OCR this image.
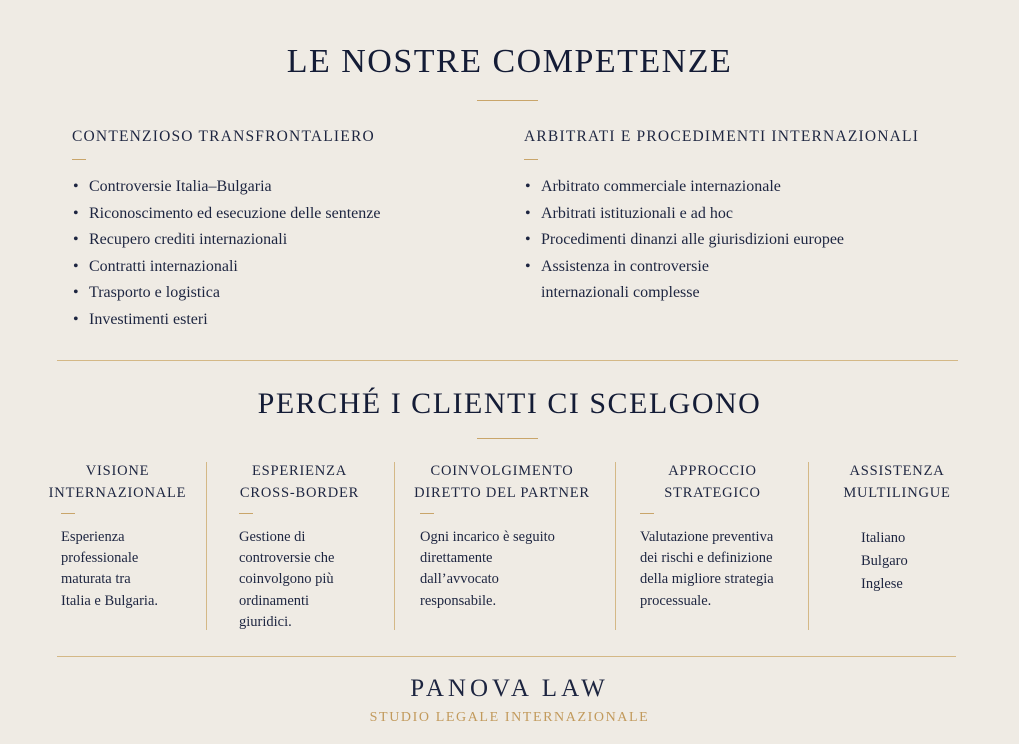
LE NOSTRE COMPETENZE
CONTENZIOSO TRANSFRONTALIERO
• Controversie Italia–Bulgaria
• Riconoscimento ed esecuzione delle sentenze
• Recupero crediti internazionali
• Contratti internazionali
• Trasporto e logistica
• Investimenti esteri
ARBITRATI E PROCEDIMENTI INTERNAZIONALI
• Arbitrato commerciale internazionale
• Arbitrati istituzionali e ad hoc
• Procedimenti dinanzi alle giurisdizioni europee
• Assistenza in controversie
internazionali complesse
PERCHÉ I CLIENTI CI SCELGONO
VISIONE
INTERNAZIONALE
Esperienza
professionale
maturata tra
Italia e Bulgaria.
ESPERIENZA
CROSS-BORDER
Gestione di
controversie che
coinvolgono più
ordinamenti
giuridici.
COINVOLGIMENTO
DIRETTO DEL PARTNER
Ogni incarico è seguito
direttamente
dall’avvocato
responsabile.
APPROCCIO
STRATEGICO
Valutazione preventiva
dei rischi e definizione
della migliore strategia
processuale.
ASSISTENZA
MULTILINGUE
Italiano
Bulgaro
Inglese
PANOVA LAW
STUDIO LEGALE INTERNAZIONALE
